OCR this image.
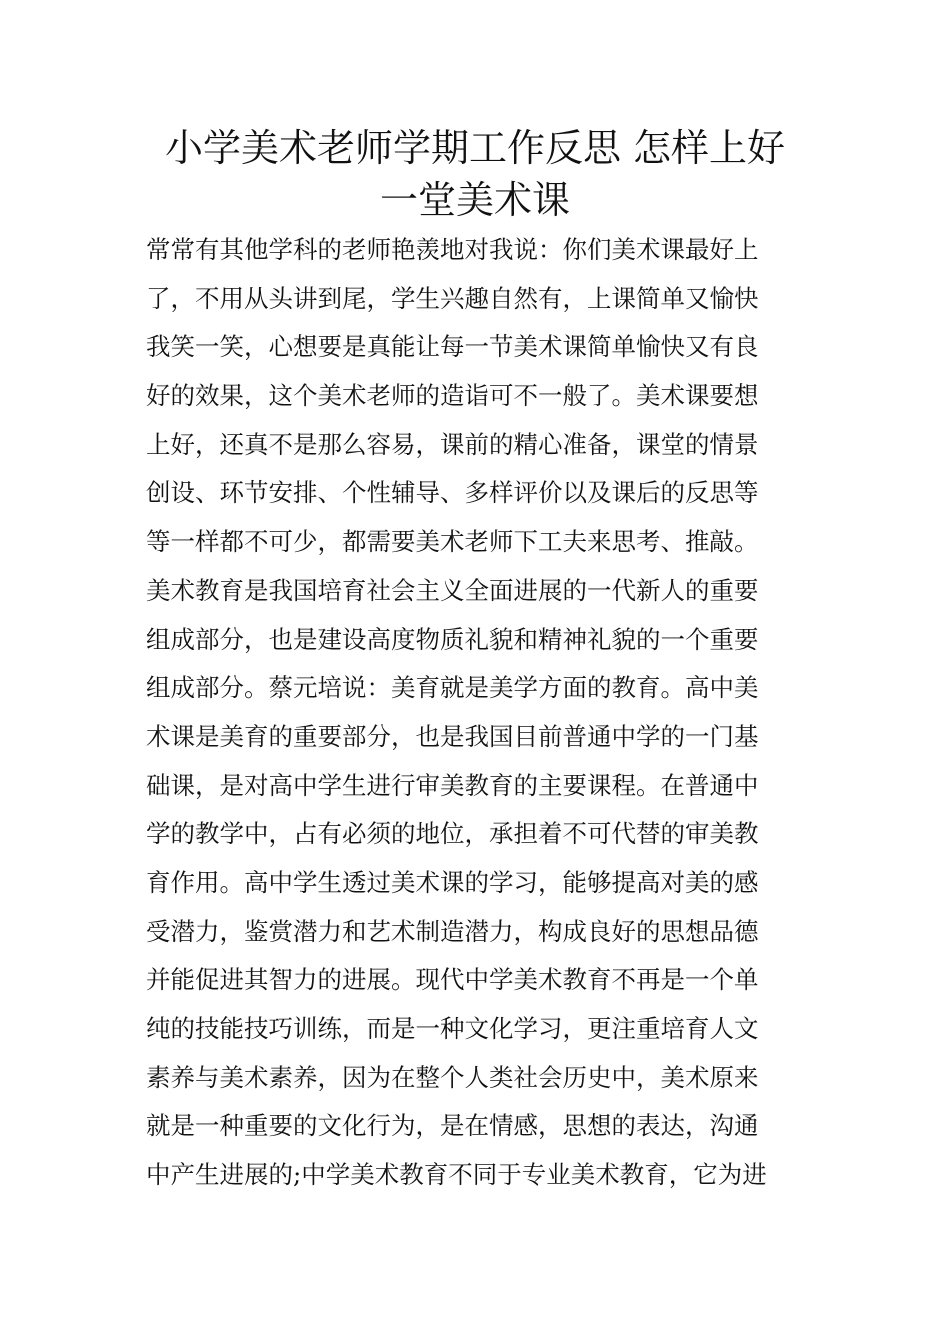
小学美术老师学期工作反思 怎样上好
一堂美术课
常常有其他学科的老师艳羡地对我说：你们美术课最好上
了，不用从头讲到尾，学生兴趣自然有，上课简单又愉快
我笑一笑，心想要是真能让每一节美术课简单愉快又有良
好的效果，这个美术老师的造诣可不一般了。美术课要想
上好，还真不是那么容易，课前的精心准备，课堂的情景
创设、环节安排、个性辅导、多样评价以及课后的反思等
等一样都不可少，都需要美术老师下工夫来思考、推敲。
美术教育是我国培育社会主义全面进展的一代新人的重要
组成部分，也是建设高度物质礼貌和精神礼貌的一个重要
组成部分。蔡元培说：美育就是美学方面的教育。高中美
术课是美育的重要部分，也是我国目前普通中学的一门基
础课，是对高中学生进行审美教育的主要课程。在普通中
学的教学中，占有必须的地位，承担着不可代替的审美教
育作用。高中学生透过美术课的学习，能够提高对美的感
受潜力，鉴赏潜力和艺术制造潜力，构成良好的思想品德
并能促进其智力的进展。现代中学美术教育不再是一个单
纯的技能技巧训练，而是一种文化学习，更注重培育人文
素养与美术素养，因为在整个人类社会历史中，美术原来
就是一种重要的文化行为，是在情感，思想的表达，沟通
中产生进展的;中学美术教育不同于专业美术教育，它为进
